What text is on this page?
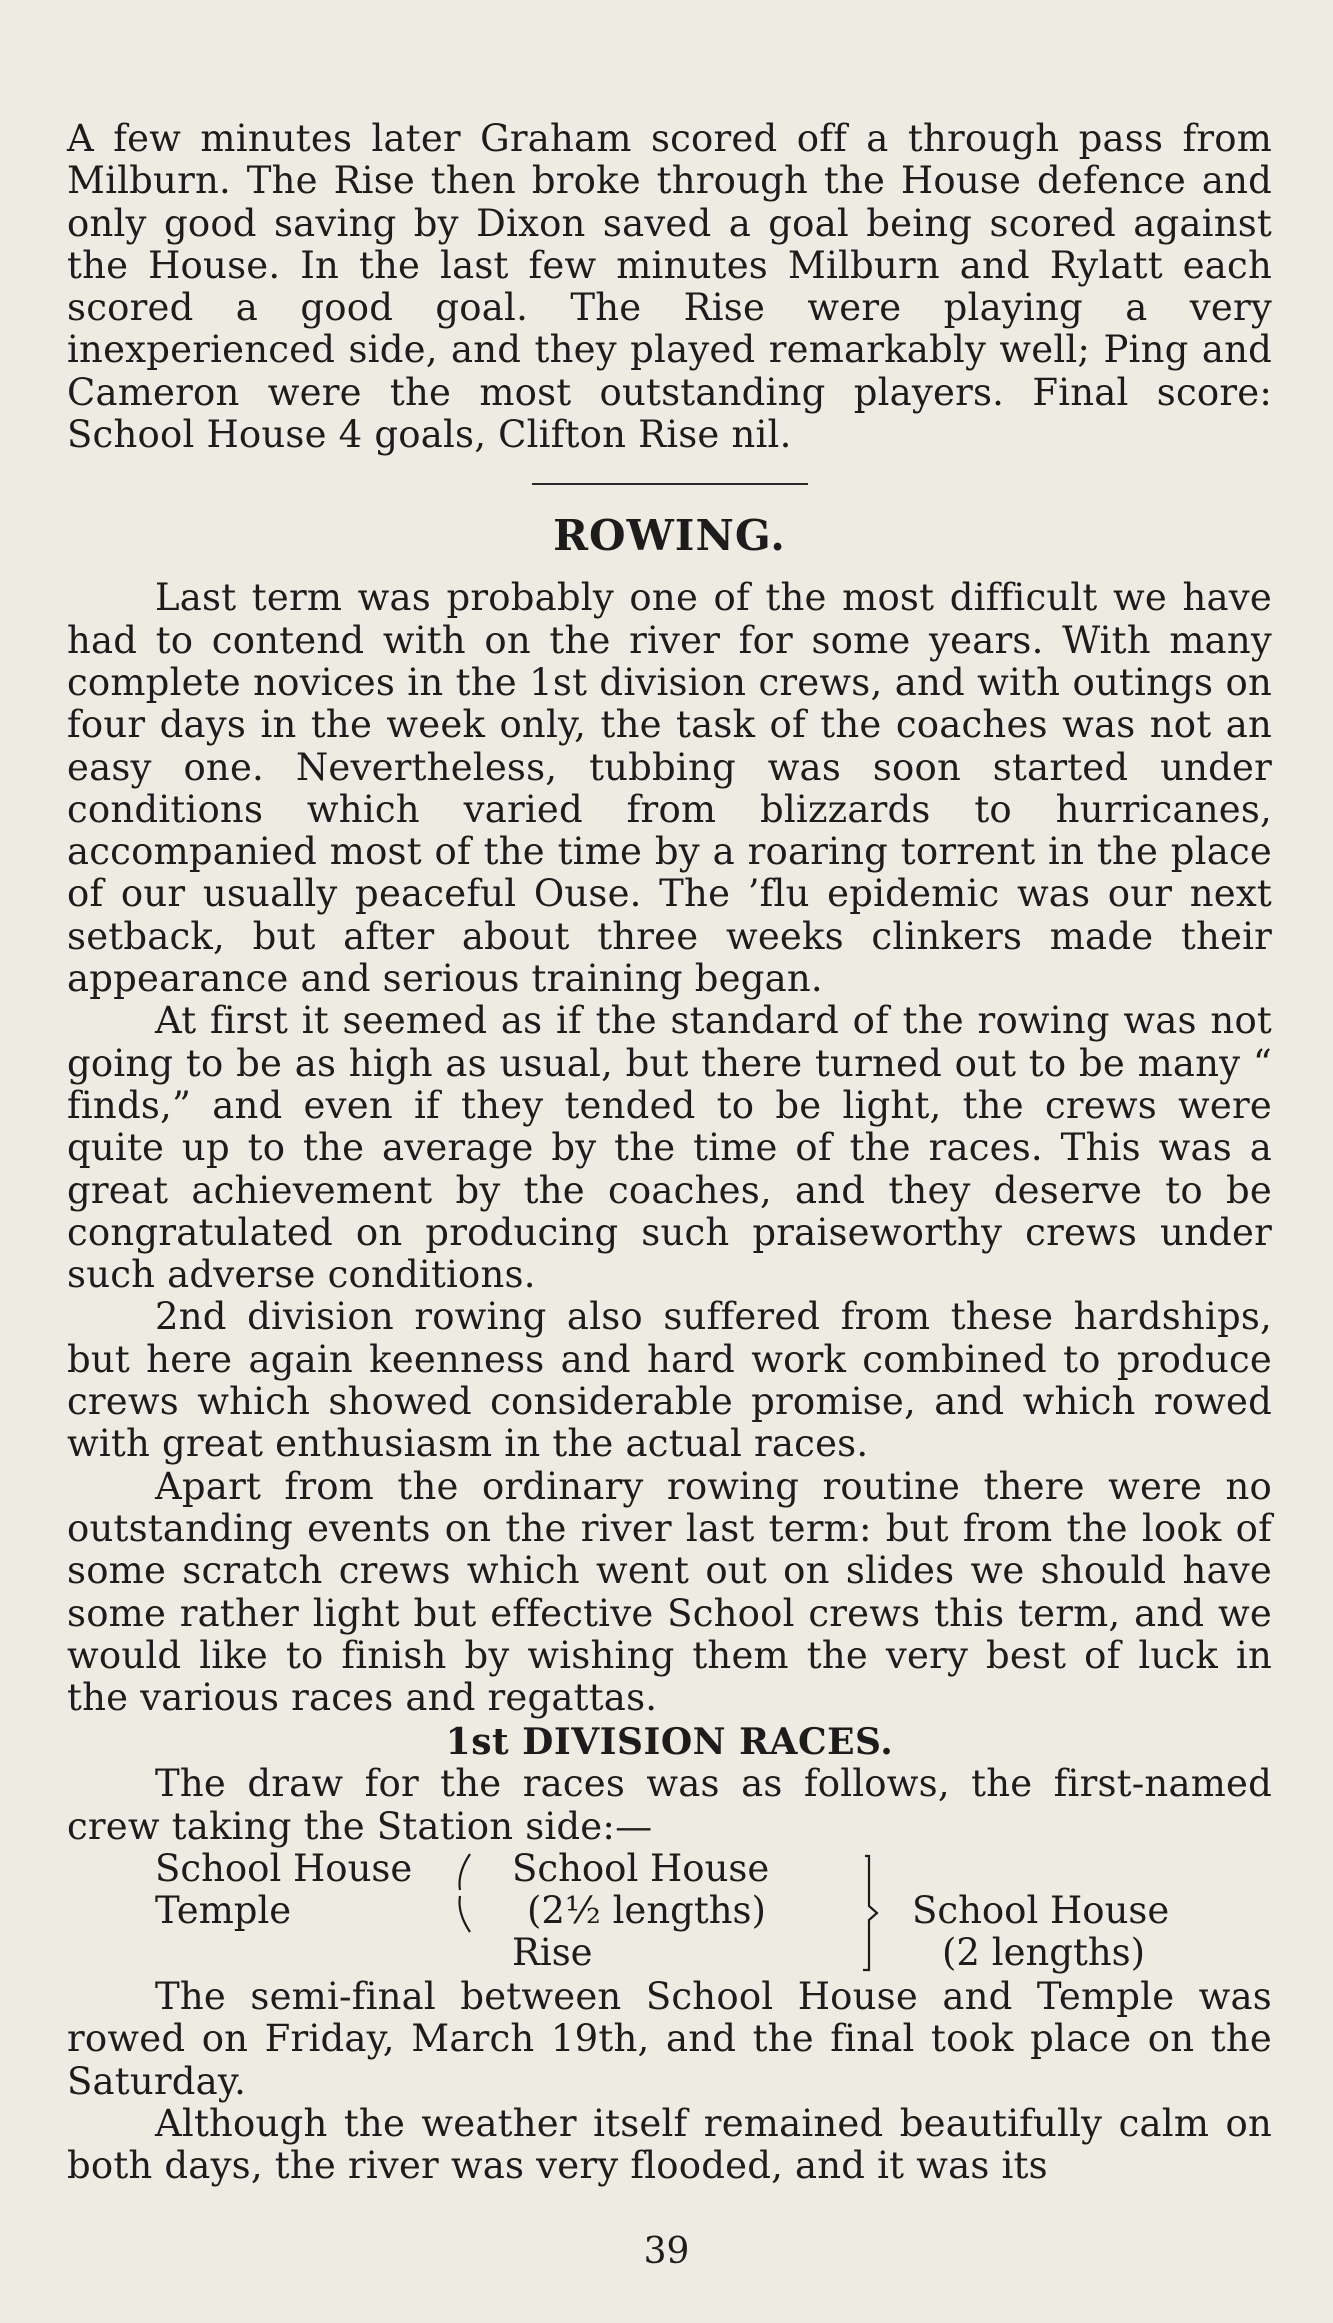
A few minutes later Graham scored off a through pass from Milburn. The Rise then broke through the House defence and only good saving by Dixon saved a goal being scored against the House. In the last few minutes Milburn and Rylatt each scored a good goal. The Rise were playing a very inexperienced side, and they played remarkably well; Ping and Cameron were the most outstanding players. Final score: School House 4 goals, Clifton Rise nil.

ROWING.

Last term was probably one of the most difficult we have had to contend with on the river for some years. With many complete novices in the 1st division crews, and with outings on four days in the week only, the task of the coaches was not an easy one. Nevertheless, tubbing was soon started under conditions which varied from blizzards to hurricanes, accompanied most of the time by a roaring torrent in the place of our usually peaceful Ouse. The ’flu epidemic was our next setback, but after about three weeks clinkers made their appearance and serious training began.

At first it seemed as if the standard of the rowing was not going to be as high as usual, but there turned out to be many “ finds,” and even if they tended to be light, the crews were quite up to the average by the time of the races. This was a great achievement by the coaches, and they deserve to be congratulated on producing such praiseworthy crews under such adverse conditions.

2nd division rowing also suffered from these hardships, but here again keenness and hard work combined to produce crews which showed considerable promise, and which rowed with great enthusiasm in the actual races.

Apart from the ordinary rowing routine there were no outstanding events on the river last term: but from the look of some scratch crews which went out on slides we should have some rather light but effective School crews this term, and we would like to finish by wishing them the very best of luck in the various races and regattas.

1st DIVISION RACES.

The draw for the races was as follows, the first-named crew taking the Station side:—

School House
Temple
School House
(2½ lengths)
Rise
School House
(2 lengths)

The semi-final between School House and Temple was rowed on Friday, March 19th, and the final took place on the Saturday.

Although the weather itself remained beautifully calm on both days, the river was very flooded, and it was its

39
